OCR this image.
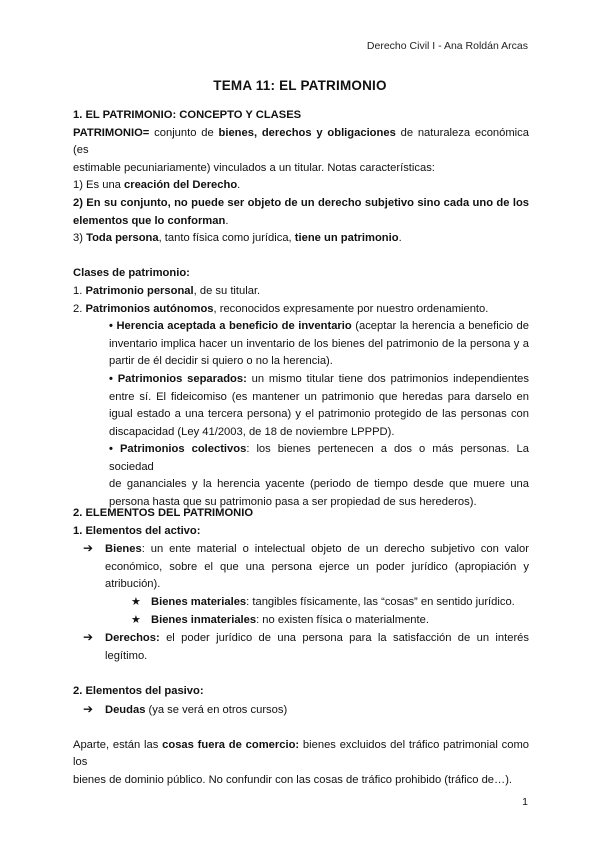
Derecho Civil I - Ana Roldán Arcas
TEMA 11: EL PATRIMONIO
1. EL PATRIMONIO: CONCEPTO Y CLASES
PATRIMONIO= conjunto de bienes, derechos y obligaciones de naturaleza económica (es
estimable pecuniariamente) vinculados a un titular. Notas características:
1) Es una creación del Derecho.
2) En su conjunto, no puede ser objeto de un derecho subjetivo sino cada uno de los
elementos que lo conforman.
3) Toda persona, tanto física como jurídica, tiene un patrimonio.
Clases de patrimonio:
1. Patrimonio personal, de su titular.
2. Patrimonios autónomos, reconocidos expresamente por nuestro ordenamiento.
• Herencia aceptada a beneficio de inventario (aceptar la herencia a beneficio de
inventario implica hacer un inventario de los bienes del patrimonio de la persona y a
partir de él decidir si quiero o no la herencia).
• Patrimonios separados: un mismo titular tiene dos patrimonios independientes
entre sí. El fideicomiso (es mantener un patrimonio que heredas para darselo en
igual estado a una tercera persona) y el patrimonio protegido de las personas con
discapacidad (Ley 41/2003, de 18 de noviembre LPPPD).
• Patrimonios colectivos: los bienes pertenecen a dos o más personas. La sociedad
de gananciales y la herencia yacente (periodo de tiempo desde que muere una
persona hasta que su patrimonio pasa a ser propiedad de sus herederos).
2. ELEMENTOS DEL PATRIMONIO
1. Elementos del activo:
➔ Bienes: un ente material o intelectual objeto de un derecho subjetivo con valor
económico, sobre el que una persona ejerce un poder jurídico (apropiación y
atribución).
★ Bienes materiales: tangibles físicamente, las “cosas” en sentido jurídico.
★ Bienes inmateriales: no existen física o materialmente.
➔ Derechos: el poder jurídico de una persona para la satisfacción de un interés
legítimo.
2. Elementos del pasivo:
➔ Deudas (ya se verá en otros cursos)
Aparte, están las cosas fuera de comercio: bienes excluidos del tráfico patrimonial como los
bienes de dominio público. No confundir con las cosas de tráfico prohibido (tráfico de…).
1
